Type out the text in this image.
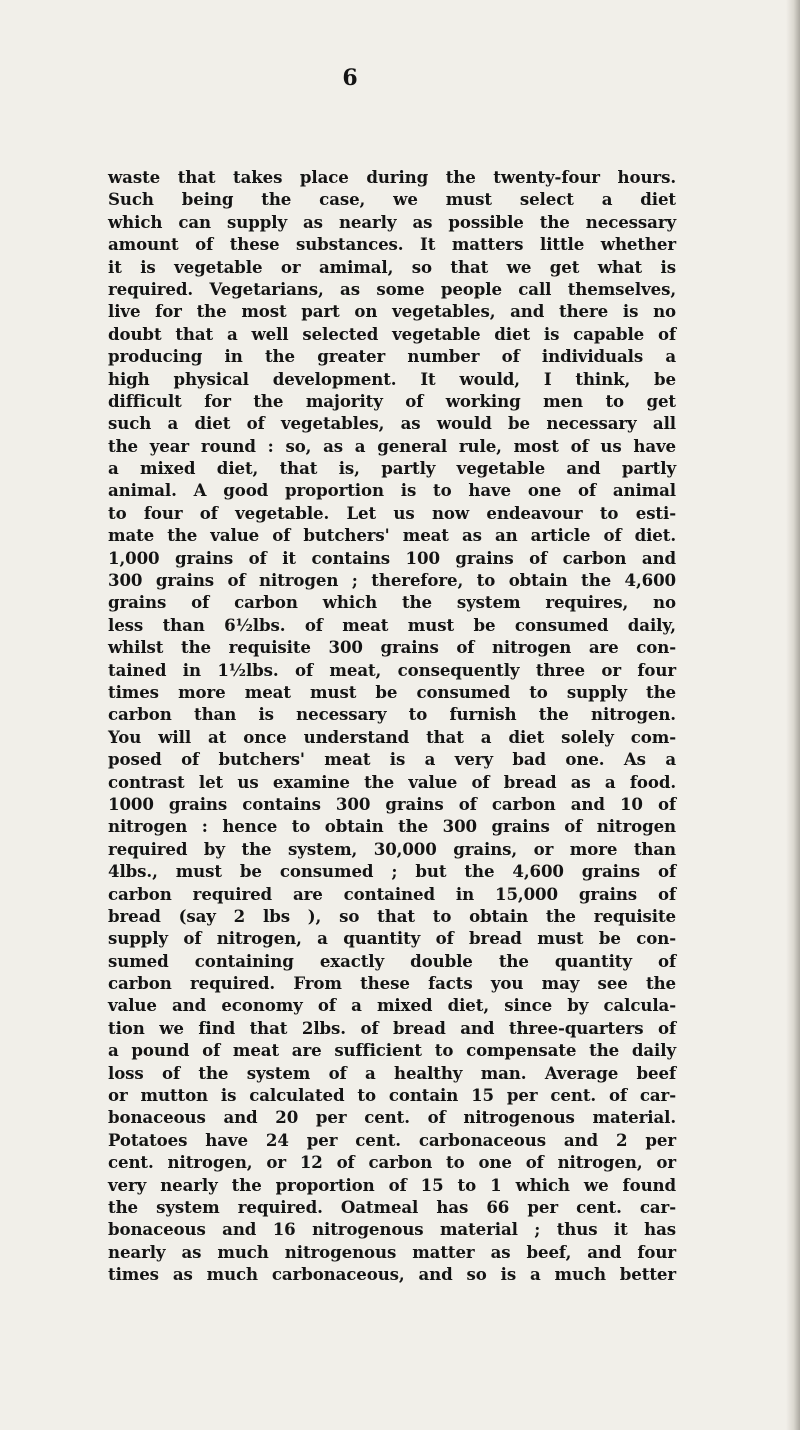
6
waste that takes place during the twenty-four hours.
Such being the case, we must select a diet
which can supply as nearly as possible the necessary
amount of these substances. It matters little whether
it is vegetable or amimal, so that we get what is
required. Vegetarians, as some people call themselves,
live for the most part on vegetables, and there is no
doubt that a well selected vegetable diet is capable of
producing in the greater number of individuals a
high physical development. It would, I think, be
difficult for the majority of working men to get
such a diet of vegetables, as would be necessary all
the year round : so, as a general rule, most of us have
a mixed diet, that is, partly vegetable and partly
animal. A good proportion is to have one of animal
to four of vegetable. Let us now endeavour to esti-
mate the value of butchers' meat as an article of diet.
1,000 grains of it contains 100 grains of carbon and
300 grains of nitrogen ; therefore, to obtain the 4,600
grains of carbon which the system requires, no
less than 6½lbs. of meat must be consumed daily,
whilst the requisite 300 grains of nitrogen are con-
tained in 1½lbs. of meat, consequently three or four
times more meat must be consumed to supply the
carbon than is necessary to furnish the nitrogen.
You will at once understand that a diet solely com-
posed of butchers' meat is a very bad one. As a
contrast let us examine the value of bread as a food.
1000 grains contains 300 grains of carbon and 10 of
nitrogen : hence to obtain the 300 grains of nitrogen
required by the system, 30,000 grains, or more than
4lbs., must be consumed ; but the 4,600 grains of
carbon required are contained in 15,000 grains of
bread (say 2 lbs ), so that to obtain the requisite
supply of nitrogen, a quantity of bread must be con-
sumed containing exactly double the quantity of
carbon required. From these facts you may see the
value and economy of a mixed diet, since by calcula-
tion we find that 2lbs. of bread and three-quarters of
a pound of meat are sufficient to compensate the daily
loss of the system of a healthy man. Average beef
or mutton is calculated to contain 15 per cent. of car-
bonaceous and 20 per cent. of nitrogenous material.
Potatoes have 24 per cent. carbonaceous and 2 per
cent. nitrogen, or 12 of carbon to one of nitrogen, or
very nearly the proportion of 15 to 1 which we found
the system required. Oatmeal has 66 per cent. car-
bonaceous and 16 nitrogenous material ; thus it has
nearly as much nitrogenous matter as beef, and four
times as much carbonaceous, and so is a much better
